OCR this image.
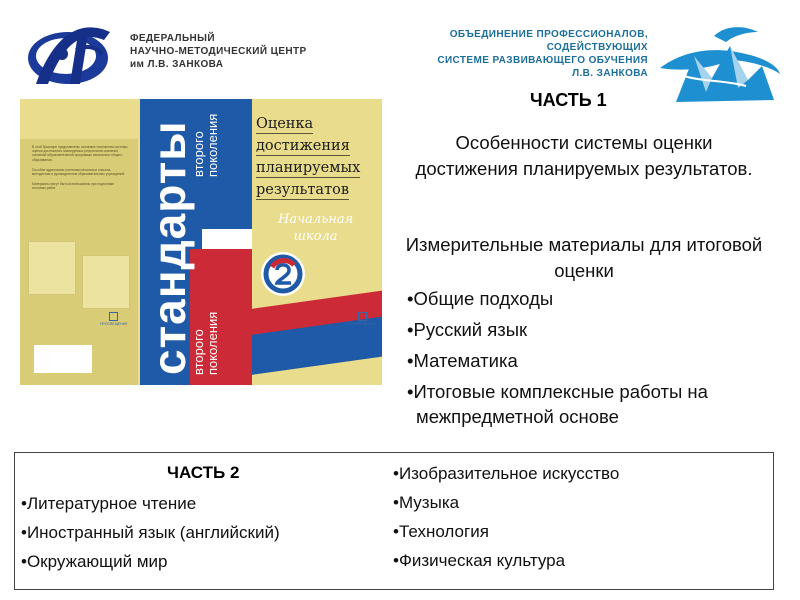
ФЕДЕРАЛЬНЫЙ
НАУЧНО-МЕТОДИЧЕСКИЙ ЦЕНТР
им Л.В. ЗАНКОВА
ОБЪЕДИНЕНИЕ ПРОФЕССИОНАЛОВ,
СОДЕЙСТВУЮЩИХ
СИСТЕМЕ РАЗВИВАЮЩЕГО ОБУЧЕНИЯ
Л.В. ЗАНКОВА

В этой брошюре представлены основные положения системы оценки достижения планируемых результатов освоения основной образовательной программы начального общего образования.

Пособие адресовано учителям начальных классов, методистам и руководителям образовательных учреждений.

Материалы могут быть использованы при подготовке итоговых работ.

ПРОСВЕЩЕНИЕ стандарты
второго поколения
второго поколения
Оценка
достижения
планируемых
результатов
Начальная
школа
ПРОСВЕЩЕНИЕ
ЧАСТЬ 1
Особенности системы оценки достижения планируемых результатов.
Измерительные материалы для итоговой оценки
•Общие подходы
•Русский язык
•Математика
•Итоговые комплексные работы на межпредметной основе
ЧАСТЬ 2
•Литературное чтение
•Иностранный язык (английский)
•Окружающий мир
•Изобразительное искусство
•Музыка
•Технология
•Физическая культура
